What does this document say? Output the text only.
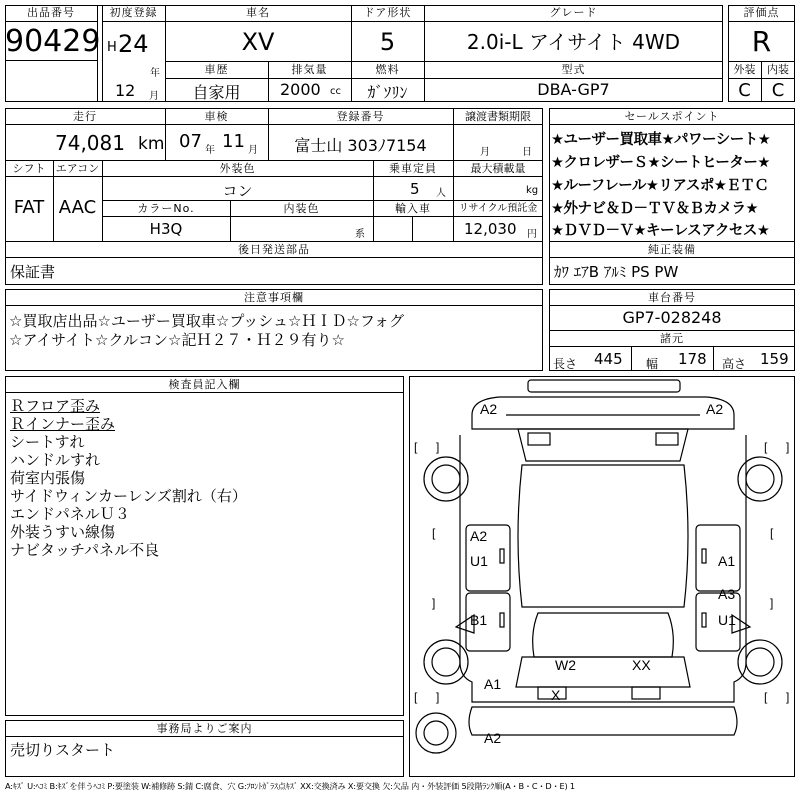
出品番号
90429
初度登録
H 24
年
12 月
車名
XV
ドア形状
5
グレード
2.0i-L アイサイト 4WD
車歴
自家用
排気量
2000 cc
燃料
ｶﾞｿﾘﾝ
型式
DBA-GP7
評価点
R
外装	内装
C	C
走行
74,081 km
車検
07 年 11 月
登録番号
富士山 303ﾉ7154
譲渡書類期限
月	日
シフト
FAT
エアコン
AAC
外装色
コン
乗車定員
5 人
最大積載量
kg
カラーNo.
H3Q
内装色
系
輸入車	リサイクル預託金
12,030 円
後日発送部品
保証書
セールスポイント
★ユーザー買取車★パワーシート★
★クロレザーＳ★シートヒーター★
★ルーフレール★リアスポ★ＥＴＣ
★外ナビ＆Ｄ－ＴＶ＆Ｂカメラ★
★ＤＶＤ－Ｖ★キーレスアクセス★
純正装備
ｶﾜ ｴｱB ｱﾙﾐ PS PW
注意事項欄
☆買取店出品☆ユーザー買取車☆プッシュ☆ＨＩＤ☆フォグ
☆アイサイト☆クルコン☆記Ｈ２７・Ｈ２９有り☆
車台番号
GP7-028248
諸元
長さ 445 幅 178 高さ 159
検査員記入欄
Ｒフロア歪み
Ｒインナー歪み
シートすれ
ハンドルすれ
荷室内張傷
サイドウィンカーレンズ割れ（右）
エンドパネルＵ３
外装うすい線傷
ナビタッチパネル不良
事務局よりご案内
売切りスタート
[ ]	[ ]
[ ]	[ ]
[
]
[
]
A2	A2
A2
U1	A1
A3
U1
B1
W2	XX
A1
X
A2
A:ｷｽﾞ U:ﾍｺﾐ B:ｷｽﾞを伴うﾍｺﾐ P:要塗装 W:補修跡 S:錆 C:腐食、穴 G:ﾌﾛﾝﾄｶﾞﾗｽ点ｷｽﾞ XX:交換済み X:要交換 欠:欠品 内・外装評価 5段階ﾗﾝｸ順(A・B・C・D・E) 1
